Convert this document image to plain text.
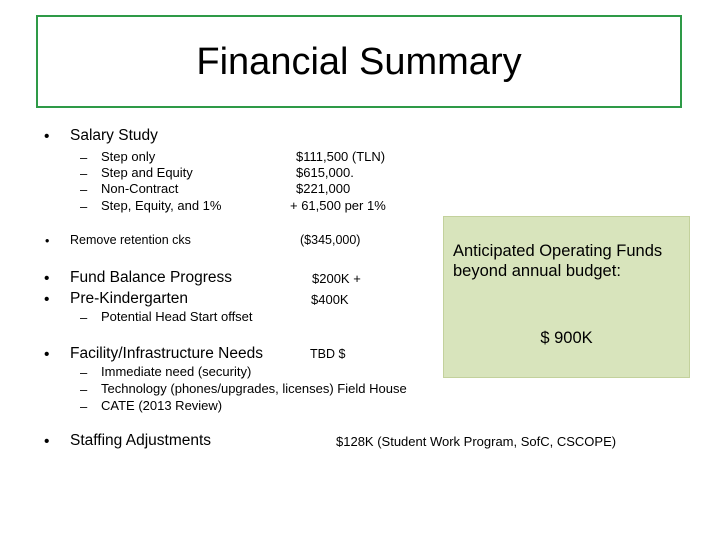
Financial Summary
• Salary Study
– Step only	$111,500 (TLN)
– Step and Equity	$615,000.
– Non-Contract	$221,000
– Step, Equity, and 1%	+ 61,500 per 1%
• Remove retention cks	($345,000)
• Fund Balance Progress	$200K +
• Pre-Kindergarten	$400K
– Potential Head Start offset
• Facility/Infrastructure Needs	TBD $
– Immediate need (security)
– Technology (phones/upgrades, licenses) Field House
– CATE (2013 Review)
• Staffing Adjustments	$128K (Student Work Program, SofC, CSCOPE)
Anticipated Operating Funds beyond annual budget:
$ 900K
